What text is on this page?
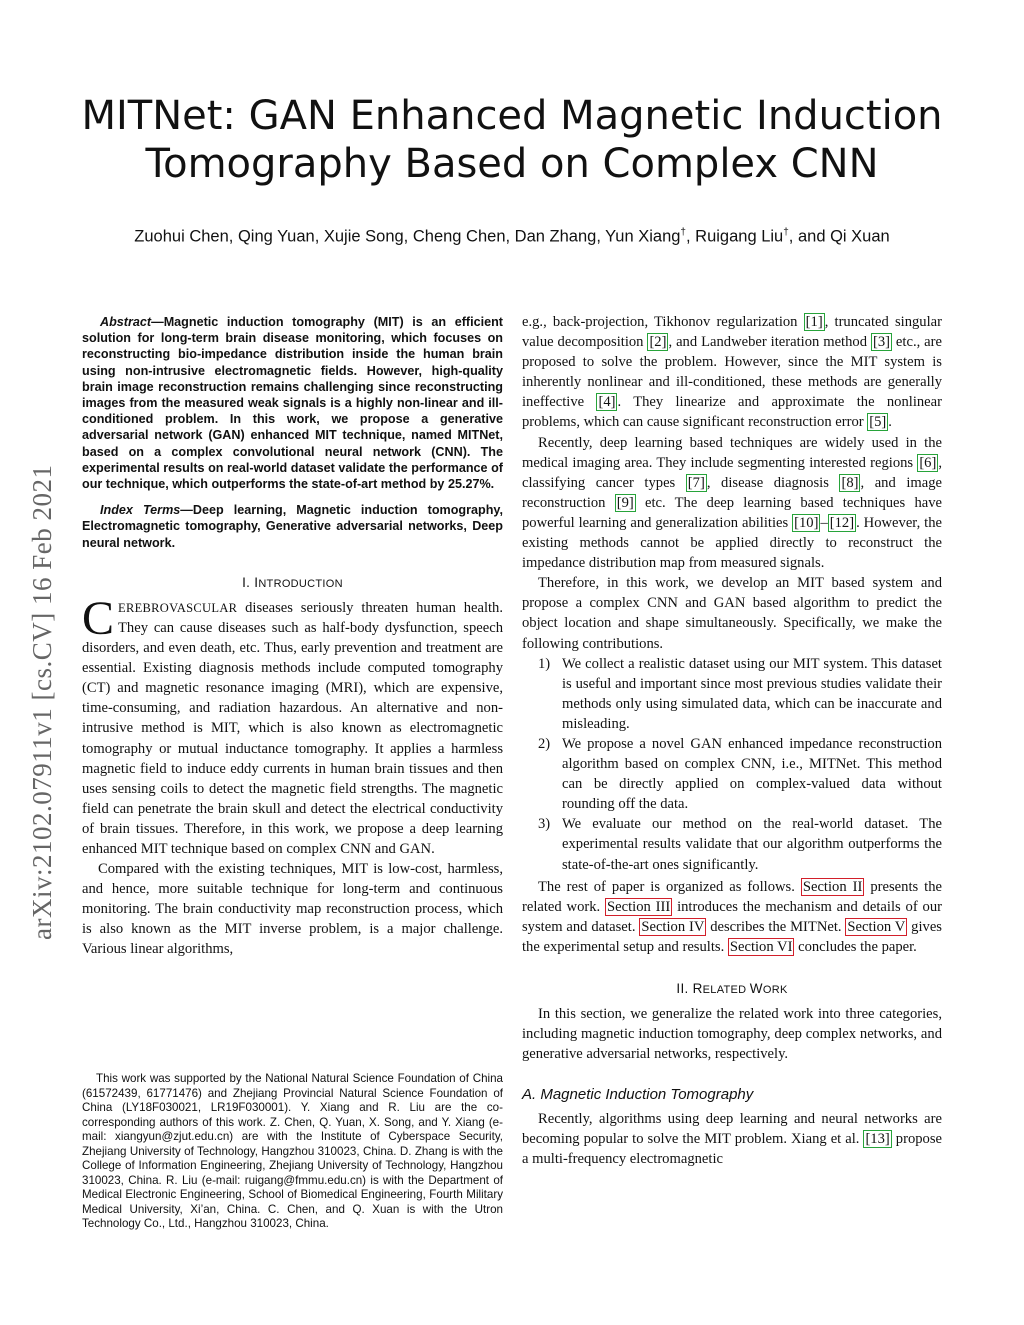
MITNet: GAN Enhanced Magnetic Induction
Tomography Based on Complex CNN
Zuohui Chen, Qing Yuan, Xujie Song, Cheng Chen, Dan Zhang, Yun Xiang†, Ruigang Liu†, and Qi Xuan
arXiv:2102.07911v1 [cs.CV] 16 Feb 2021

Abstract—Magnetic induction tomography (MIT) is an efficient solution for long-term brain disease monitoring, which focuses on reconstructing bio-impedance distribution inside the human brain using non-intrusive electromagnetic fields. However, high-quality brain image reconstruction remains challenging since reconstructing images from the measured weak signals is a highly non-linear and ill-conditioned problem. In this work, we propose a generative adversarial network (GAN) enhanced MIT technique, named MITNet, based on a complex convolutional neural network (CNN). The experimental results on real-world dataset validate the performance of our technique, which outperforms the state-of-art method by 25.27%.

Index Terms—Deep learning, Magnetic induction tomography, Electromagnetic tomography, Generative adversarial networks, Deep neural network.

I. INTRODUCTION

CEREBROVASCULAR diseases seriously threaten human health. They can cause diseases such as half-body dysfunction, speech disorders, and even death, etc. Thus, early prevention and treatment are essential. Existing diagnosis methods include computed tomography (CT) and magnetic resonance imaging (MRI), which are expensive, time-consuming, and radiation hazardous. An alternative and non-intrusive method is MIT, which is also known as electromagnetic tomography or mutual inductance tomography. It applies a harmless magnetic field to induce eddy currents in human brain tissues and then uses sensing coils to detect the magnetic field strengths. The magnetic field can penetrate the brain skull and detect the electrical conductivity of brain tissues. Therefore, in this work, we propose a deep learning enhanced MIT technique based on complex CNN and GAN.

Compared with the existing techniques, MIT is low-cost, harmless, and hence, more suitable technique for long-term and continuous monitoring. The brain conductivity map reconstruction process, which is also known as the MIT inverse problem, is a major challenge. Various linear algorithms,

This work was supported by the National Natural Science Foundation of China (61572439, 61771476) and Zhejiang Provincial Natural Science Foundation of China (LY18F030021, LR19F030001). Y. Xiang and R. Liu are the co-corresponding authors of this work. Z. Chen, Q. Yuan, X. Song, and Y. Xiang (e-mail: xiangyun@zjut.edu.cn) are with the Institute of Cyberspace Security, Zhejiang University of Technology, Hangzhou 310023, China. D. Zhang is with the College of Information Engineering, Zhejiang University of Technology, Hangzhou 310023, China. R. Liu (e-mail: ruigang@fmmu.edu.cn) is with the Department of Medical Electronic Engineering, School of Biomedical Engineering, Fourth Military Medical University, Xi’an, China. C. Chen, and Q. Xuan is with the Utron Technology Co., Ltd., Hangzhou 310023, China.

e.g., back-projection, Tikhonov regularization [1] , truncated singular value decomposition [2] , and Landweber iteration method [3] etc., are proposed to solve the problem. However, since the MIT system is inherently nonlinear and ill-conditioned, these methods are generally ineffective [4] . They linearize and approximate the nonlinear problems, which can cause significant reconstruction error [5] .

Recently, deep learning based techniques are widely used in the medical imaging area. They include segmenting interested regions [6] , classifying cancer types [7] , disease diagnosis [8] , and image reconstruction [9] etc. The deep learning based techniques have powerful learning and generalization abilities [10] – [12] . However, the existing methods cannot be applied directly to reconstruct the impedance distribution map from measured signals.

Therefore, in this work, we develop an MIT based system and propose a complex CNN and GAN based algorithm to predict the object location and shape simultaneously. Specifically, we make the following contributions.

1) We collect a realistic dataset using our MIT system. This dataset is useful and important since most previous studies validate their methods only using simulated data, which can be inaccurate and misleading.
2) We propose a novel GAN enhanced impedance reconstruction algorithm based on complex CNN, i.e., MITNet. This method can be directly applied on complex-valued data without rounding off the data.
3) We evaluate our method on the real-world dataset. The experimental results validate that our algorithm outperforms the state-of-the-art ones significantly.

The rest of paper is organized as follows. Section II presents the related work. Section III introduces the mechanism and details of our system and dataset. Section IV describes the MITNet. Section V gives the experimental setup and results. Section VI concludes the paper.

II. RELATED WORK

In this section, we generalize the related work into three categories, including magnetic induction tomography, deep complex networks, and generative adversarial networks, respectively.

A. Magnetic Induction Tomography

Recently, algorithms using deep learning and neural networks are becoming popular to solve the MIT problem. Xiang et al. [13] propose a multi-frequency electromagnetic
